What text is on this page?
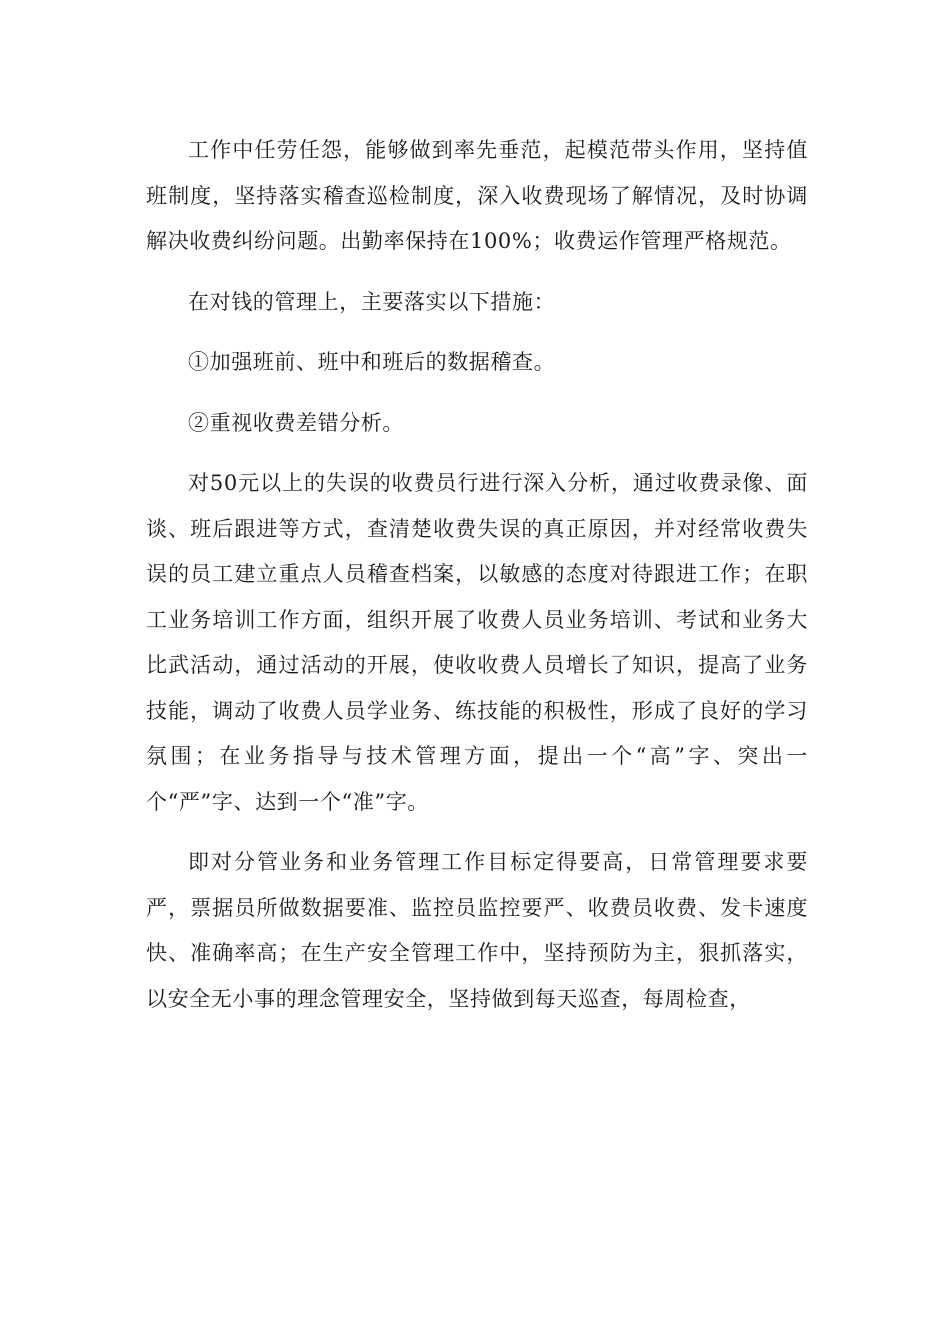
工作中任劳任怨，能够做到率先垂范，起模范带头作用，坚持值班制度，坚持落实稽查巡检制度，深入收费现场了解情况，及时协调解决收费纠纷问题。出勤率保持在100%；收费运作管理严格规范。

在对钱的管理上，主要落实以下措施：

①加强班前、班中和班后的数据稽查。

②重视收费差错分析。

对50元以上的失误的收费员行进行深入分析，通过收费录像、面谈、班后跟进等方式，查清楚收费失误的真正原因，并对经常收费失误的员工建立重点人员稽查档案，以敏感的态度对待跟进工作；在职工业务培训工作方面，组织开展了收费人员业务培训、考试和业务大比武活动，通过活动的开展，使收收费人员增长了知识，提高了业务技能，调动了收费人员学业务、练技能的积极性，形成了良好的学习氛围；在业务指导与技术管理方面，提出一个“高”字、突出一个“严”字、达到一个“准”字。

即对分管业务和业务管理工作目标定得要高，日常管理要求要严，票据员所做数据要准、监控员监控要严、收费员收费、发卡速度快、准确率高；在生产安全管理工作中，坚持预防为主，狠抓落实，以安全无小事的理念管理安全，坚持做到每天巡查，每周检查，
